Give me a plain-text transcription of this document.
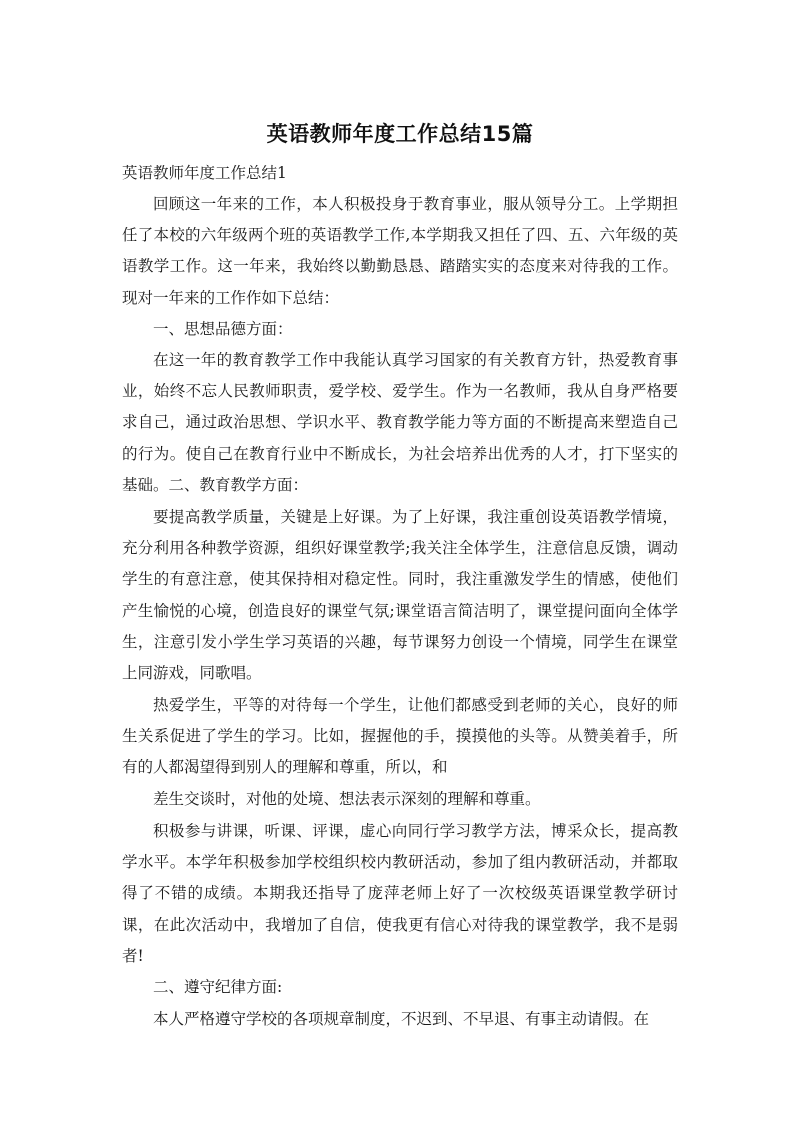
英语教师年度工作总结15篇
英语教师年度工作总结1

回顾这一年来的工作，本人积极投身于教育事业，服从领导分工。上学期担任了本校的六年级两个班的英语教学工作,本学期我又担任了四、五、六年级的英语教学工作。这一年来，我始终以勤勤恳恳、踏踏实实的态度来对待我的工作。现对一年来的工作作如下总结：

一、思想品德方面：

在这一年的教育教学工作中我能认真学习国家的有关教育方针，热爱教育事业，始终不忘人民教师职责，爱学校、爱学生。作为一名教师，我从自身严格要求自己，通过政治思想、学识水平、教育教学能力等方面的不断提高来塑造自己的行为。使自己在教育行业中不断成长，为社会培养出优秀的人才，打下坚实的基础。二、教育教学方面：

要提高教学质量，关键是上好课。为了上好课，我注重创设英语教学情境，充分利用各种教学资源，组织好课堂教学;我关注全体学生，注意信息反馈，调动学生的有意注意，使其保持相对稳定性。同时，我注重激发学生的情感，使他们产生愉悦的心境，创造良好的课堂气氛;课堂语言简洁明了，课堂提问面向全体学生，注意引发小学生学习英语的兴趣，每节课努力创设一个情境，同学生在课堂上同游戏，同歌唱。

热爱学生，平等的对待每一个学生，让他们都感受到老师的关心，良好的师生关系促进了学生的学习。比如，握握他的手，摸摸他的头等。从赞美着手，所有的人都渴望得到别人的理解和尊重，所以，和

差生交谈时，对他的处境、想法表示深刻的理解和尊重。

积极参与讲课，听课、评课，虚心向同行学习教学方法，博采众长，提高教学水平。本学年积极参加学校组织校内教研活动，参加了组内教研活动，并都取得了不错的成绩。本期我还指导了庞萍老师上好了一次校级英语课堂教学研讨课，在此次活动中，我增加了自信，使我更有信心对待我的课堂教学，我不是弱者!

二、遵守纪律方面:

本人严格遵守学校的各项规章制度，不迟到、不早退、有事主动请假。在
